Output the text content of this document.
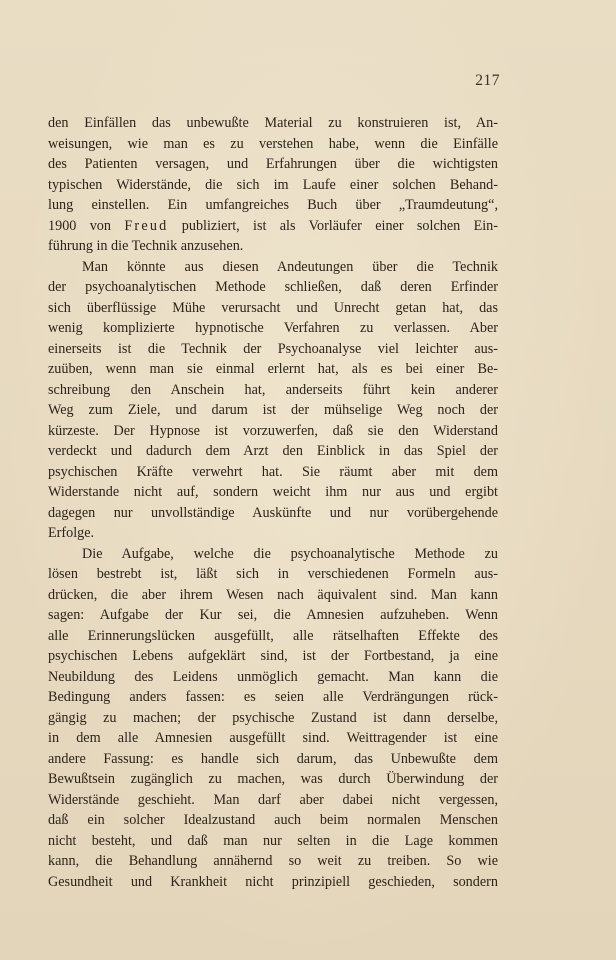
217
den Einfällen das unbewußte Material zu konstruieren ist, An-
weisungen, wie man es zu verstehen habe, wenn die Einfälle
des Patienten versagen, und Erfahrungen über die wichtigsten
typischen Widerstände, die sich im Laufe einer solchen Behand-
lung einstellen. Ein umfangreiches Buch über „Traumdeutung“,
1900 von Freud publiziert, ist als Vorläufer einer solchen Ein-
führung in die Technik anzusehen.
Man könnte aus diesen Andeutungen über die Technik
der psychoanalytischen Methode schließen, daß deren Erfinder
sich überflüssige Mühe verursacht und Unrecht getan hat, das
wenig komplizierte hypnotische Verfahren zu verlassen. Aber
einerseits ist die Technik der Psychoanalyse viel leichter aus-
zuüben, wenn man sie einmal erlernt hat, als es bei einer Be-
schreibung den Anschein hat, anderseits führt kein anderer
Weg zum Ziele, und darum ist der mühselige Weg noch der
kürzeste. Der Hypnose ist vorzuwerfen, daß sie den Widerstand
verdeckt und dadurch dem Arzt den Einblick in das Spiel der
psychischen Kräfte verwehrt hat. Sie räumt aber mit dem
Widerstande nicht auf, sondern weicht ihm nur aus und ergibt
dagegen nur unvollständige Auskünfte und nur vorübergehende
Erfolge.
Die Aufgabe, welche die psychoanalytische Methode zu
lösen bestrebt ist, läßt sich in verschiedenen Formeln aus-
drücken, die aber ihrem Wesen nach äquivalent sind. Man kann
sagen: Aufgabe der Kur sei, die Amnesien aufzuheben. Wenn
alle Erinnerungslücken ausgefüllt, alle rätselhaften Effekte des
psychischen Lebens aufgeklärt sind, ist der Fortbestand, ja eine
Neubildung des Leidens unmöglich gemacht. Man kann die
Bedingung anders fassen: es seien alle Verdrängungen rück-
gängig zu machen; der psychische Zustand ist dann derselbe,
in dem alle Amnesien ausgefüllt sind. Weittragender ist eine
andere Fassung: es handle sich darum, das Unbewußte dem
Bewußtsein zugänglich zu machen, was durch Überwindung der
Widerstände geschieht. Man darf aber dabei nicht vergessen,
daß ein solcher Idealzustand auch beim normalen Menschen
nicht besteht, und daß man nur selten in die Lage kommen
kann, die Behandlung annähernd so weit zu treiben. So wie
Gesundheit und Krankheit nicht prinzipiell geschieden, sondern
